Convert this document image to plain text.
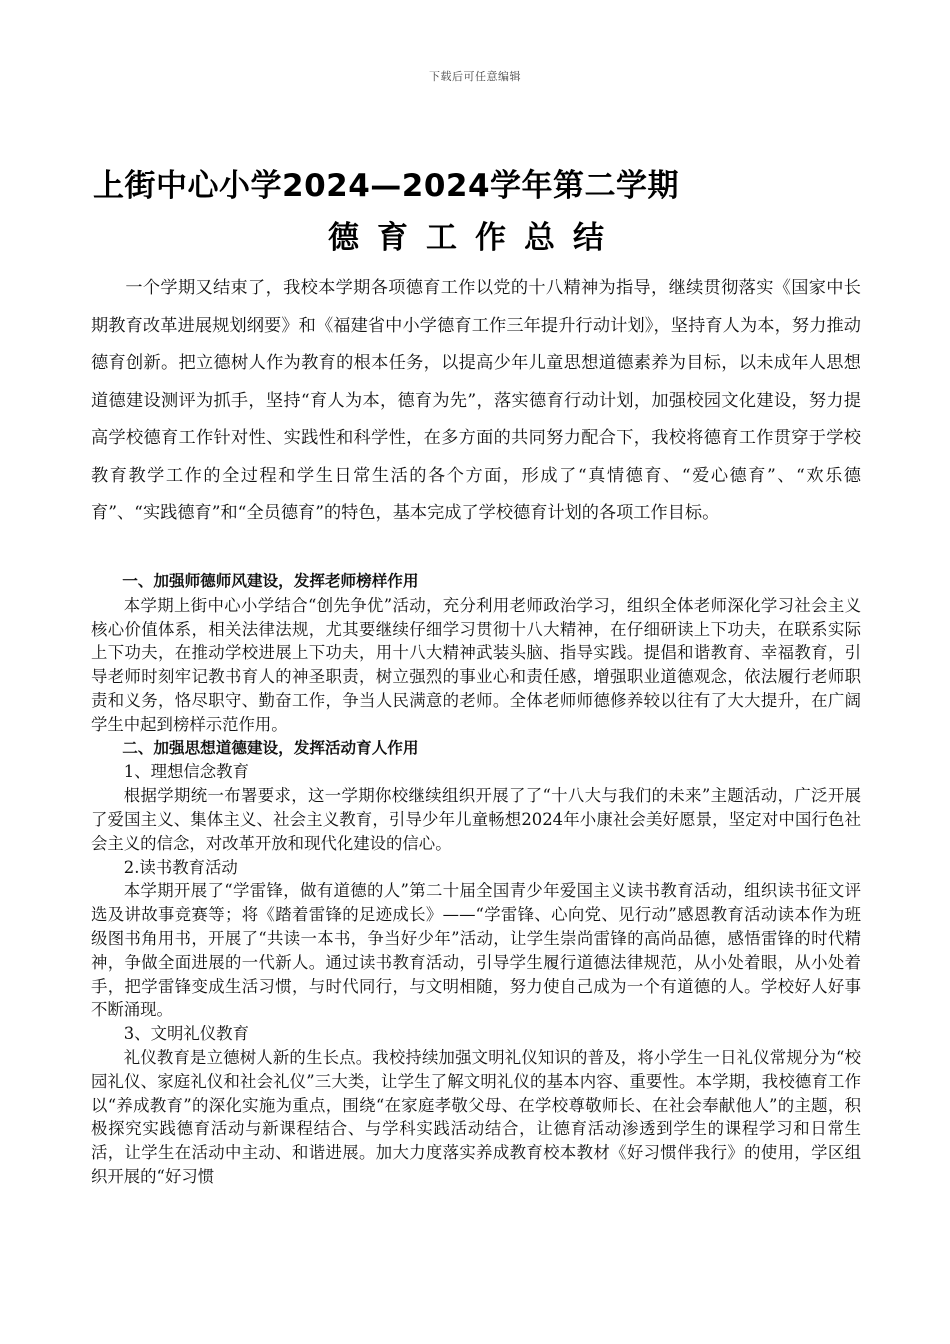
下载后可任意编辑
上街中心小学2024—2024学年第二学期
德育工作总结

一个学期又结束了，我校本学期各项德育工作以党的十八精神为指导，继续贯彻落实《国家中长期教育改革进展规划纲要》和《福建省中小学德育工作三年提升行动计划》，坚持育人为本，努力推动德育创新。把立德树人作为教育的根本任务，以提高少年儿童思想道德素养为目标，以未成年人思想道德建设测评为抓手，坚持“育人为本，德育为先”，落实德育行动计划，加强校园文化建设，努力提高学校德育工作针对性、实践性和科学性，在多方面的共同努力配合下，我校将德育工作贯穿于学校教育教学工作的全过程和学生日常生活的各个方面，形成了“真情德育、“爱心德育”、“欢乐德育”、“实践德育”和“全员德育”的特色，基本完成了学校德育计划的各项工作目标。

一、加强师德师风建设，发挥老师榜样作用

本学期上街中心小学结合“创先争优”活动，充分利用老师政治学习，组织全体老师深化学习社会主义核心价值体系，相关法律法规，尤其要继续仔细学习贯彻十八大精神，在仔细研读上下功夫，在联系实际上下功夫，在推动学校进展上下功夫，用十八大精神武装头脑、指导实践。提倡和谐教育、幸福教育，引导老师时刻牢记教书育人的神圣职责，树立强烈的事业心和责任感，增强职业道德观念，依法履行老师职责和义务，恪尽职守、勤奋工作，争当人民满意的老师。全体老师师德修养较以往有了大大提升，在广阔学生中起到榜样示范作用。

二、加强思想道德建设，发挥活动育人作用

1、理想信念教育

根据学期统一布署要求，这一学期你校继续组织开展了了“十八大与我们的未来”主题活动，广泛开展了爱国主义、集体主义、社会主义教育，引导少年儿童畅想2024年小康社会美好愿景，坚定对中国行色社会主义的信念，对改革开放和现代化建设的信心。

2.读书教育活动

本学期开展了“学雷锋，做有道德的人”第二十届全国青少年爱国主义读书教育活动，组织读书征文评选及讲故事竞赛等；将《踏着雷锋的足迹成长》——“学雷锋、心向党、见行动”感恩教育活动读本作为班级图书角用书，开展了“共读一本书，争当好少年”活动，让学生崇尚雷锋的高尚品德，感悟雷锋的时代精神，争做全面进展的一代新人。通过读书教育活动，引导学生履行道德法律规范，从小处着眼，从小处着手，把学雷锋变成生活习惯，与时代同行，与文明相随，努力使自己成为一个有道德的人。学校好人好事不断涌现。

3、文明礼仪教育

礼仪教育是立德树人新的生长点。我校持续加强文明礼仪知识的普及，将小学生一日礼仪常规分为“校园礼仪、家庭礼仪和社会礼仪”三大类，让学生了解文明礼仪的基本内容、重要性。本学期，我校德育工作以“养成教育”的深化实施为重点，围绕“在家庭孝敬父母、在学校尊敬师长、在社会奉献他人”的主题，积极探究实践德育活动与新课程结合、与学科实践活动结合，让德育活动渗透到学生的课程学习和日常生活，让学生在活动中主动、和谐进展。加大力度落实养成教育校本教材《好习惯伴我行》的使用，学区组织开展的“好习惯
